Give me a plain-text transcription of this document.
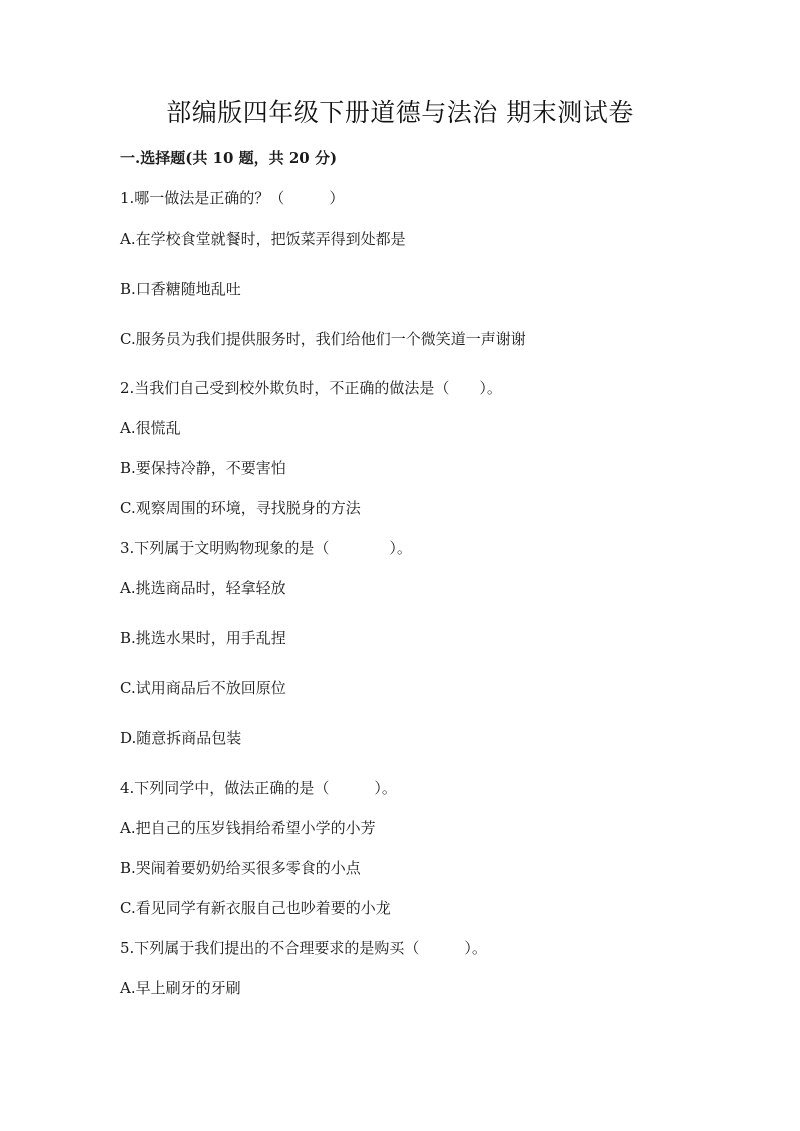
部编版四年级下册道德与法治 期末测试卷
一.选择题(共 10 题，共 20 分)
1.哪一做法是正确的？（　　　）
A.在学校食堂就餐时，把饭菜弄得到处都是
B.口香糖随地乱吐
C.服务员为我们提供服务时，我们给他们一个微笑道一声谢谢
2.当我们自己受到校外欺负时，不正确的做法是（　　）。
A.很慌乱
B.要保持冷静，不要害怕
C.观察周围的环境，寻找脱身的方法
3.下列属于文明购物现象的是（　　　　）。
A.挑选商品时，轻拿轻放
B.挑选水果时，用手乱捏
C.试用商品后不放回原位
D.随意拆商品包装
4.下列同学中，做法正确的是（　　　）。
A.把自己的压岁钱捐给希望小学的小芳
B.哭闹着要奶奶给买很多零食的小点
C.看见同学有新衣服自己也吵着要的小龙
5.下列属于我们提出的不合理要求的是购买（　　　）。
A.早上刷牙的牙刷
